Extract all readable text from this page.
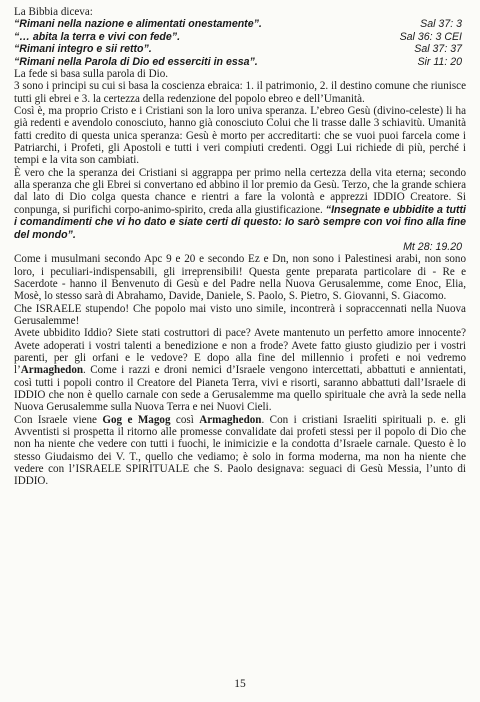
La Bibbia diceva:
“Rimani nella nazione e alimentati onestamente”.	Sal 37: 3
“… abita la terra e vivi con fede”.	Sal 36: 3 CEI
“Rimani integro e sii retto”.	Sal 37: 37
“Rimani nella Parola di Dio ed esserciti in essa”.	Sir 11: 20

La fede si basa sulla parola di Dio.

3 sono i principi su cui si basa la coscienza ebraica: 1. il patrimonio, 2. il destino comune che riunisce tutti gli ebrei e 3. la certezza della redenzione del popolo ebreo e dell’Umanità.

Così è, ma proprio Cristo e i Cristiani son la loro univa speranza. L’ebreo Gesù (divino-celeste) li ha già redenti e avendolo conosciuto, hanno già conosciuto Colui che li trasse dalle 3 schiavitù. Umanità fatti credito di questa unica speranza: Gesù è morto per accreditarti: che se vuoi puoi farcela come i Patriarchi, i Profeti, gli Apostoli e tutti i veri compiuti credenti. Oggi Lui richiede di più, perché i tempi e la vita son cambiati.

È vero che la speranza dei Cristiani si aggrappa per primo nella certezza della vita eterna; secondo alla speranza che gli Ebrei si convertano ed abbino il lor premio da Gesù. Terzo, che la grande schiera dal lato di Dio colga questa chance e rientri a fare la volontà e apprezzi IDDIO Creatore. Si conpunga, si purifichi corpo-animo-spirito, creda alla giustificazione. “Insegnate e ubbidite a tutti i comandimenti che vi ho dato e siate certi di questo: Io sarò sempre con voi fino alla fine del mondo”.

Mt 28: 19.20

Come i musulmani secondo Apc 9 e 20 e secondo Ez e Dn, non sono i Palestinesi arabi, non sono loro, i peculiari-indispensabili, gli irreprensibili! Questa gente preparata particolare di - Re e Sacerdote - hanno il Benvenuto di Gesù e del Padre nella Nuova Gerusalemme, come Enoc, Elia, Mosè, lo stesso sarà di Abrahamo, Davide, Daniele, S. Paolo, S. Pietro, S. Giovanni, S. Giacomo.

Che ISRAELE stupendo! Che popolo mai visto uno simile, incontrerà i sopraccennati nella Nuova Gerusalemme!

Avete ubbidito Iddio? Siete stati costruttori di pace? Avete mantenuto un perfetto amore innocente? Avete adoperati i vostri talenti a benedizione e non a frode? Avete fatto giusto giudizio per i vostri parenti, per gli orfani e le vedove? E dopo alla fine del millennio i profeti e noi vedremo l’Armaghedon. Come i razzi e droni nemici d’Israele vengono intercettati, abbattuti e annientati, così tutti i popoli contro il Creatore del Pianeta Terra, vivi e risorti, saranno abbattuti dall’Israele di IDDIO che non è quello carnale con sede a Gerusalemme ma quello spirituale che avrà la sede nella Nuova Gerusalemme sulla Nuova Terra e nei Nuovi Cieli.

Con Israele viene Gog e Magog così Armaghedon. Con i cristiani Israeliti spirituali p. e. gli Avventisti si prospetta il ritorno alle promesse convalidate dai profeti stessi per il popolo di Dio che non ha niente che vedere con tutti i fuochi, le inimicizie e la condotta d’Israele carnale. Questo è lo stesso Giudaismo dei V. T., quello che vediamo; è solo in forma moderna, ma non ha niente che vedere con l’ISRAELE SPIRITUALE che S. Paolo designava: seguaci di Gesù Messia, l’unto di IDDIO.

15
